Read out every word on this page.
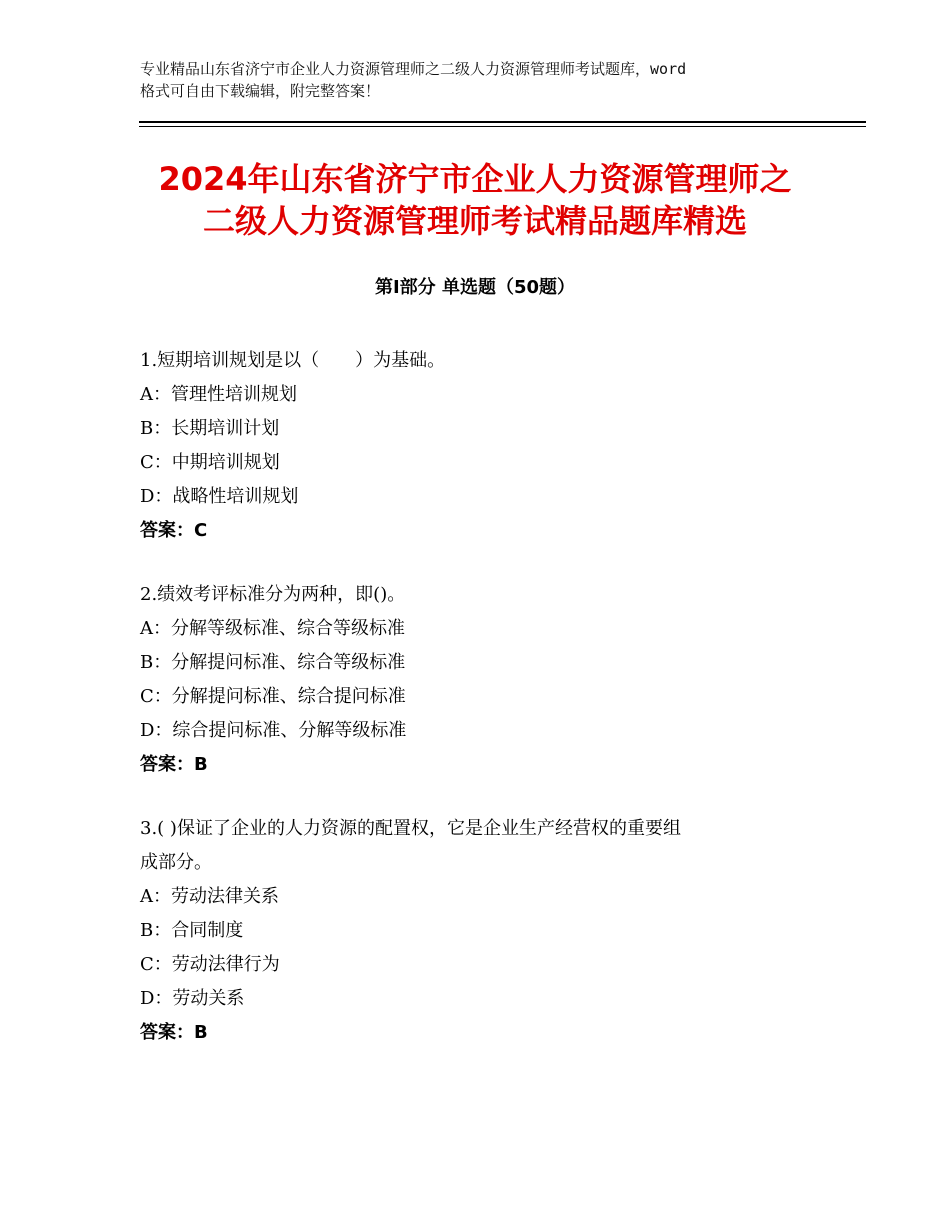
专业精品山东省济宁市企业人力资源管理师之二级人力资源管理师考试题库，word
格式可自由下载编辑，附完整答案！
2024年山东省济宁市企业人力资源管理师之
二级人力资源管理师考试精品题库精选
第Ⅰ部分 单选题（50题）
1.短期培训规划是以（　　）为基础。
A：管理性培训规划
B：长期培训计划
C：中期培训规划
D：战略性培训规划
答案：C
2.绩效考评标准分为两种，即()。
A：分解等级标准、综合等级标准
B：分解提问标准、综合等级标准
C：分解提问标准、综合提问标准
D：综合提问标准、分解等级标准
答案：B
3.( )保证了企业的人力资源的配置权，它是企业生产经营权的重要组
成部分。
A：劳动法律关系
B：合同制度
C：劳动法律行为
D：劳动关系
答案：B
